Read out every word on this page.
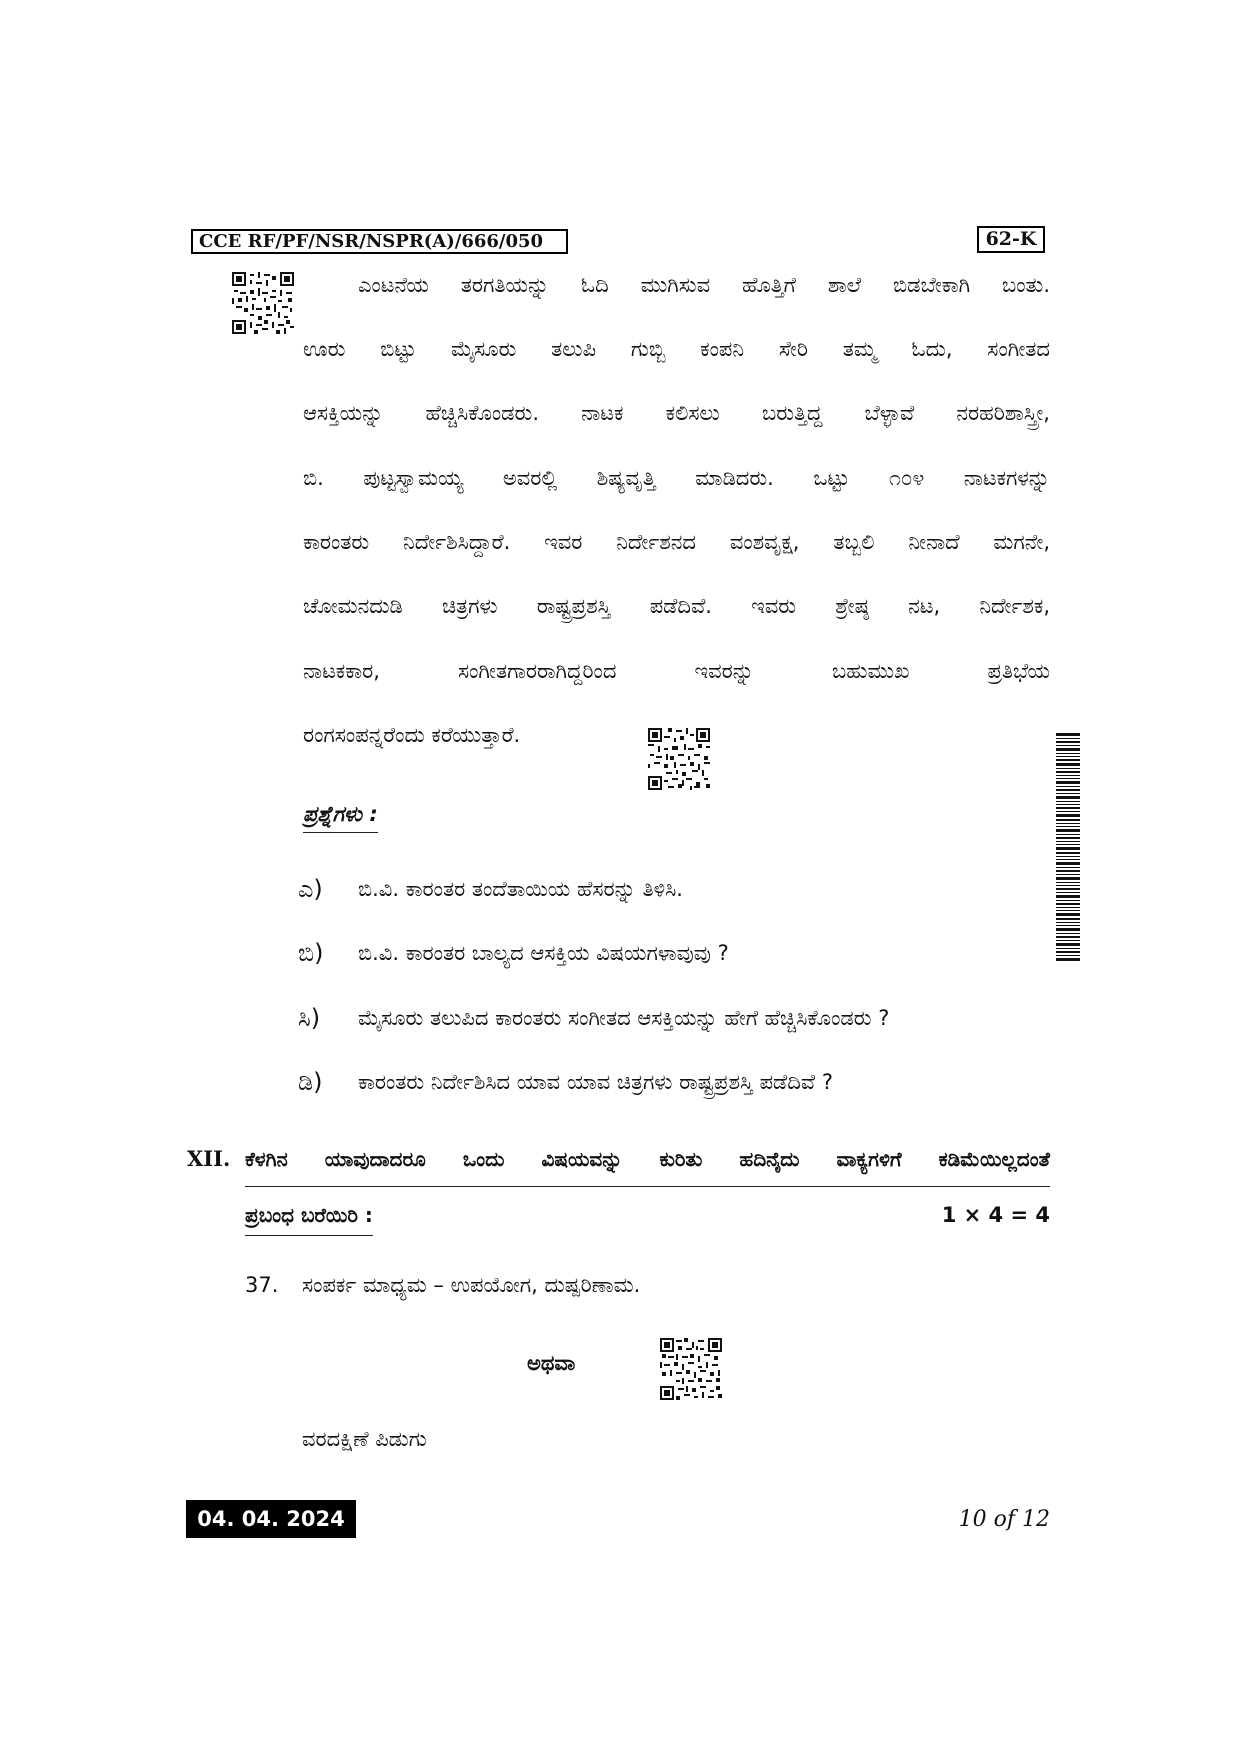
CCE RF/PF/NSR/NSPR(A)/666/050	62-K
ಎಂಟನೆಯ ತರಗತಿಯನ್ನು ಓದಿ ಮುಗಿಸುವ ಹೊತ್ತಿಗೆ ಶಾಲೆ ಬಿಡಬೇಕಾಗಿ ಬಂತು.
ಊರು ಬಿಟ್ಟು ಮೈಸೂರು ತಲುಪಿ ಗುಬ್ಬಿ ಕಂಪನಿ ಸೇರಿ ತಮ್ಮ ಓದು, ಸಂಗೀತದ
ಆಸಕ್ತಿಯನ್ನು ಹೆಚ್ಚಿಸಿಕೊಂಡರು. ನಾಟಕ ಕಲಿಸಲು ಬರುತ್ತಿದ್ದ ಬೆಳ್ಳಾವೆ ನರಹರಿಶಾಸ್ತ್ರೀ,
ಬಿ. ಪುಟ್ಟಸ್ವಾಮಯ್ಯ ಅವರಲ್ಲಿ ಶಿಷ್ಯವೃತ್ತಿ ಮಾಡಿದರು. ಒಟ್ಟು ೧೦೪ ನಾಟಕಗಳನ್ನು
ಕಾರಂತರು ನಿರ್ದೇಶಿಸಿದ್ದಾರೆ. ಇವರ ನಿರ್ದೇಶನದ ವಂಶವೃಕ್ಷ, ತಬ್ಬಲಿ ನೀನಾದೆ ಮಗನೇ,
ಚೋಮನದುಡಿ ಚಿತ್ರಗಳು ರಾಷ್ಟ್ರಪ್ರಶಸ್ತಿ ಪಡೆದಿವೆ. ಇವರು ಶ್ರೇಷ್ಠ ನಟ, ನಿರ್ದೇಶಕ,
ನಾಟಕಕಾರ, ಸಂಗೀತಗಾರರಾಗಿದ್ದರಿಂದ ಇವರನ್ನು ಬಹುಮುಖ ಪ್ರತಿಭೆಯ
ರಂಗಸಂಪನ್ನರೆಂದು ಕರೆಯುತ್ತಾರೆ.
ಪ್ರಶ್ನೆಗಳು :
ಎ)	ಬಿ.ವಿ. ಕಾರಂತರ ತಂದೆತಾಯಿಯ ಹೆಸರನ್ನು ತಿಳಿಸಿ.
ಬಿ)	ಬಿ.ವಿ. ಕಾರಂತರ ಬಾಲ್ಯದ ಆಸಕ್ತಿಯ ವಿಷಯಗಳಾವುವು ?
ಸಿ)	ಮೈಸೂರು ತಲುಪಿದ ಕಾರಂತರು ಸಂಗೀತದ ಆಸಕ್ತಿಯನ್ನು ಹೇಗೆ ಹೆಚ್ಚಿಸಿಕೊಂಡರು ?
ಡಿ)	ಕಾರಂತರು ನಿರ್ದೇಶಿಸಿದ ಯಾವ ಯಾವ ಚಿತ್ರಗಳು ರಾಷ್ಟ್ರಪ್ರಶಸ್ತಿ ಪಡೆದಿವೆ ?
XII. ಕೆಳಗಿನ ಯಾವುದಾದರೂ ಒಂದು ವಿಷಯವನ್ನು ಕುರಿತು ಹದಿನೈದು ವಾಕ್ಯಗಳಿಗೆ ಕಡಿಮೆಯಿಲ್ಲದಂತೆ
ಪ್ರಬಂಧ ಬರೆಯಿರಿ :	1 × 4 = 4
37. ಸಂಪರ್ಕ ಮಾಧ್ಯಮ – ಉಪಯೋಗ, ದುಷ್ಪರಿಣಾಮ.
ಅಥವಾ
ವರದಕ್ಷಿಣೆ ಪಿಡುಗು
04. 04. 2024	10 of 12
